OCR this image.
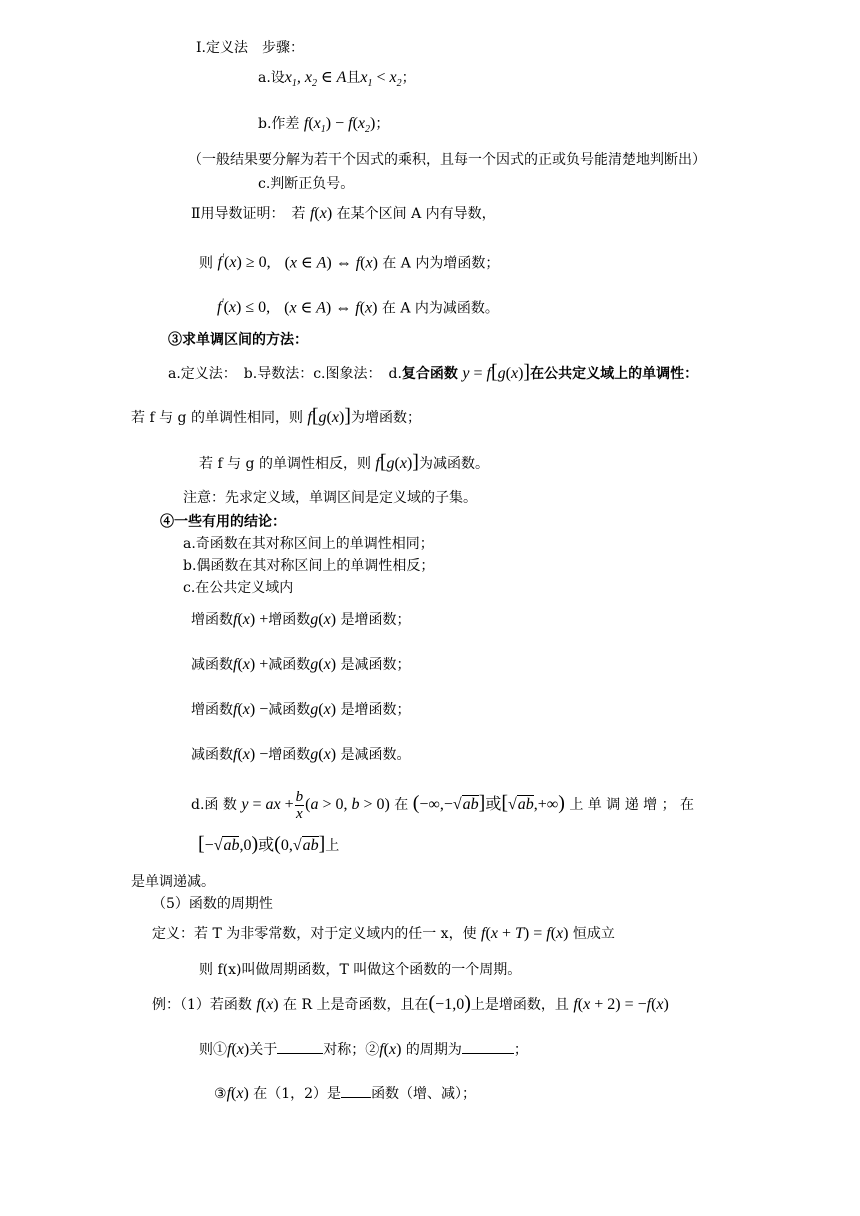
Ⅰ.定义法　步骤：
a.设$x_1$, $x_2$ ∈ A且$x_1 < x_2$；
b.作差 $f(x_1) - f(x_2)$；
（一般结果要分解为若干个因式的乘积，且每一个因式的正或负号能清楚地判断出）
c.判断正负号。
Ⅱ用导数证明：　若 f(x) 在某个区间 A 内有导数，
则 f'(x) ≥ 0,　 (x ∈ A) ⇔ f(x) 在 A 内为增函数；
f'(x) ≤ 0,　 (x ∈ A) ⇔ f(x) 在 A 内为减函数。
③求单调区间的方法：
a.定义法：　b.导数法：c.图象法：　d.复合函数 y = f[g(x)]在公共定义域上的单调性：
若 f 与 g 的单调性相同，则 f[g(x)]为增函数；
若 f 与 g 的单调性相反，则 f[g(x)]为减函数。
注意：先求定义域，单调区间是定义域的子集。
④一些有用的结论：
a.奇函数在其对称区间上的单调性相同；
b.偶函数在其对称区间上的单调性相反；
c.在公共定义域内
增函数f(x) +增函数g(x) 是增函数；
减函数f(x) +减函数g(x) 是减函数；
增函数f(x) −减函数g(x) 是增函数；
减函数f(x) −增函数g(x) 是减函数。
d.函 数 y = ax + $\frac{b}{x} (a > 0$, b > 0) 在 (−∞,−√ab]或[√ab,+∞) 上 单 调 递 增 ； 在
[−√ab,0)或(0,√ab]上
是单调递减。
（5）函数的周期性
定义：若 T 为非零常数，对于定义域内的任一 x，使 f(x + T) = f(x) 恒成立
则 f(x)叫做周期函数，T 叫做这个函数的一个周期。
例：（1）若函数 f(x) 在 R 上是奇函数，且在(−1,0)上是增函数，且 f(x + 2) = −f(x)
则①f(x)关于	对称；②f(x) 的周期为	；
③f(x) 在（1，2）是 函数（增、减）；
